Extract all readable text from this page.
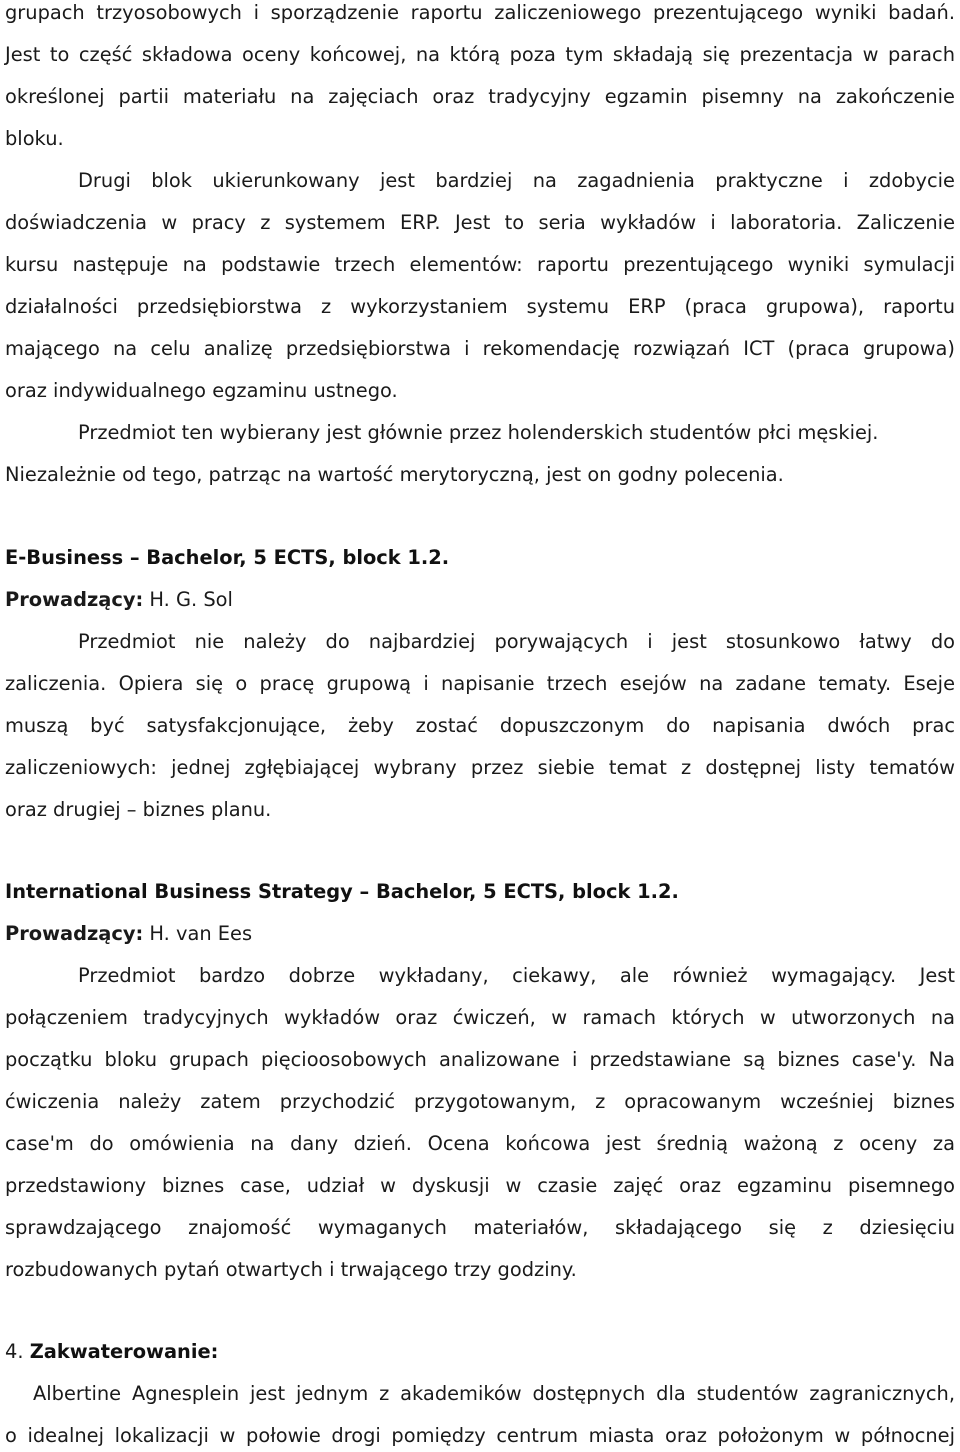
grupach trzyosobowych i sporządzenie raportu zaliczeniowego prezentującego wyniki badań.
Jest to część składowa oceny końcowej, na którą poza tym składają się prezentacja w parach
określonej partii materiału na zajęciach oraz tradycyjny egzamin pisemny na zakończenie
bloku.
Drugi blok ukierunkowany jest bardziej na zagadnienia praktyczne i zdobycie
doświadczenia w pracy z systemem ERP. Jest to seria wykładów i laboratoria. Zaliczenie
kursu następuje na podstawie trzech elementów: raportu prezentującego wyniki symulacji
działalności przedsiębiorstwa z wykorzystaniem systemu ERP (praca grupowa), raportu
mającego na celu analizę przedsiębiorstwa i rekomendację rozwiązań ICT (praca grupowa)
oraz indywidualnego egzaminu ustnego.
Przedmiot ten wybierany jest głównie przez holenderskich studentów płci męskiej.
Niezależnie od tego, patrząc na wartość merytoryczną, jest on godny polecenia.
E-Business – Bachelor, 5 ECTS, block 1.2.
Prowadzący: H. G. Sol
Przedmiot nie należy do najbardziej porywających i jest stosunkowo łatwy do
zaliczenia. Opiera się o pracę grupową i napisanie trzech esejów na zadane tematy. Eseje
muszą być satysfakcjonujące, żeby zostać dopuszczonym do napisania dwóch prac
zaliczeniowych: jednej zgłębiającej wybrany przez siebie temat z dostępnej listy tematów
oraz drugiej – biznes planu.
International Business Strategy – Bachelor, 5 ECTS, block 1.2.
Prowadzący: H. van Ees
Przedmiot bardzo dobrze wykładany, ciekawy, ale również wymagający. Jest
połączeniem tradycyjnych wykładów oraz ćwiczeń, w ramach których w utworzonych na
początku bloku grupach pięcioosobowych analizowane i przedstawiane są biznes case'y. Na
ćwiczenia należy zatem przychodzić przygotowanym, z opracowanym wcześniej biznes
case'm do omówienia na dany dzień. Ocena końcowa jest średnią ważoną z oceny za
przedstawiony biznes case, udział w dyskusji w czasie zajęć oraz egzaminu pisemnego
sprawdzającego znajomość wymaganych materiałów, składającego się z dziesięciu
rozbudowanych pytań otwartych i trwającego trzy godziny.
4. Zakwaterowanie:
Albertine Agnesplein jest jednym z akademików dostępnych dla studentów zagranicznych,
o idealnej lokalizacji w połowie drogi pomiędzy centrum miasta oraz położonym w północnej
